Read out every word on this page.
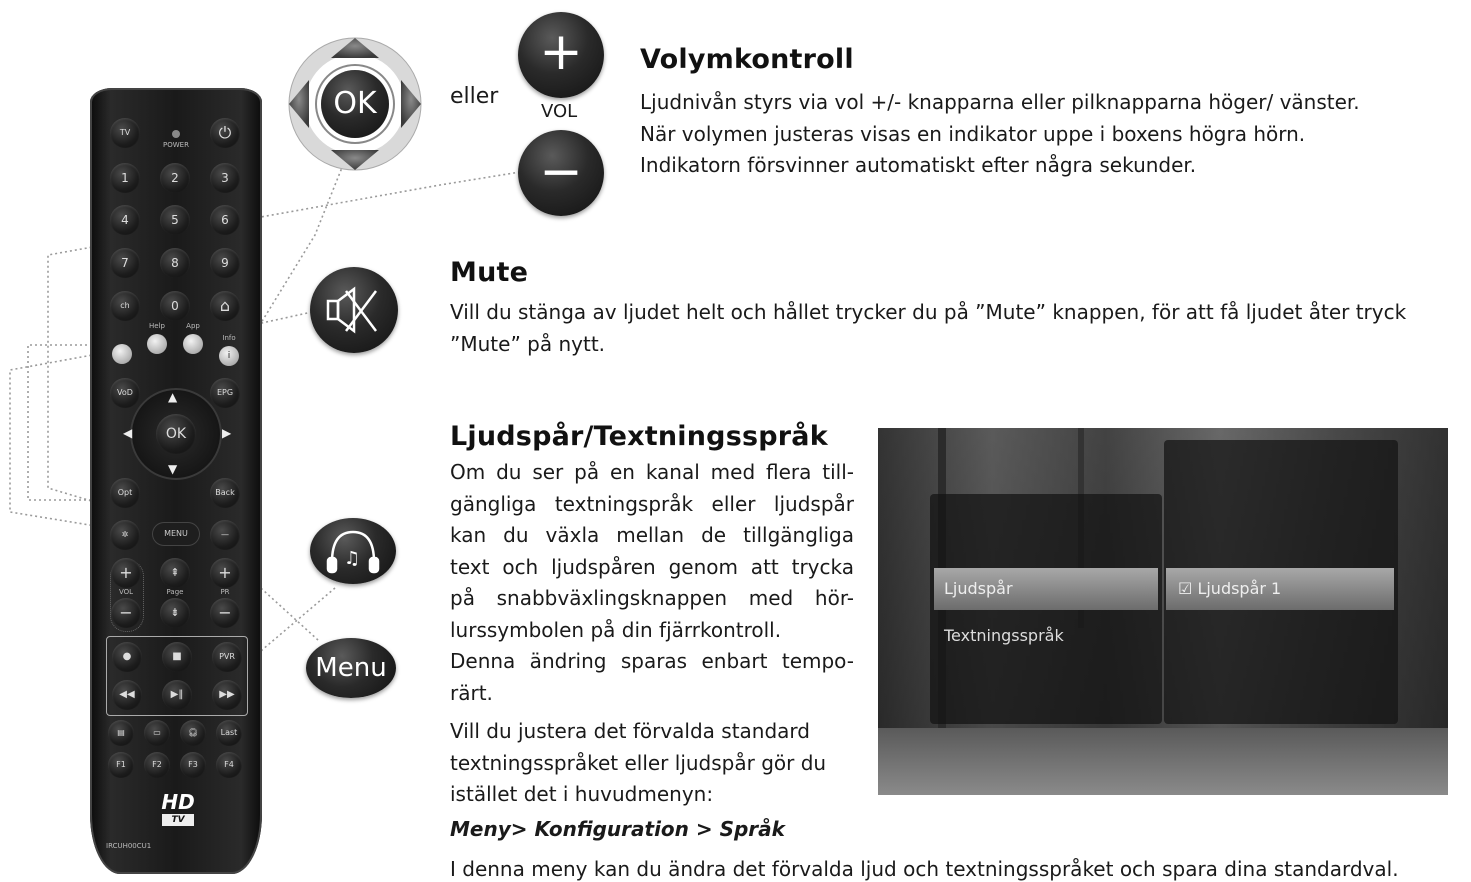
TV
POWER
⏻
1	2	3
4	5	6
7	8	9
ch	0	⌂
Help	App
Info
i
VoD	EPG
▲
▼
◀	▶
OK
Opt	Back
✲	MENU	—
+
VOL
−
⇞
Page
⇟
+
PR
−
●	■	PVR
◀◀	▶‖	▶▶
▤	▭	🎧︎	Last
F1	F2	F3	F4
HD
TV
IRCUH00CU1
OK	eller
+
VOL
−
Volymkontroll
Ljudnivån styrs via vol +/- knapparna eller pilknapparna höger/ vänster.
När volymen justeras visas en indikator uppe i boxens högra hörn.
Indikatorn försvinner automatiskt efter några sekunder.
Mute
Vill du stänga av ljudet helt och hållet trycker du på ”Mute” knappen, för att få ljudet åter tryck
”Mute” på nytt.
♫
Menu
Ljudspår/Textningsspråk
Om du ser på en kanal med flera till-
gängliga textningspråk eller ljudspår
kan du växla mellan de tillgängliga
text och ljudspåren genom att trycka
på snabbväxlingsknappen med hör-
lurssymbolen på din fjärrkontroll.
Denna ändring sparas enbart tempo-
rärt.
Vill du justera det förvalda standard
textningsspråket eller ljudspår gör du
istället det i huvudmenyn:
Meny> Konfiguration > Språk
I denna meny kan du ändra det förvalda ljud och textningsspråket och spara dina standardval.
Ljudspår
Textningsspråk
☑ Ljudspår 1
